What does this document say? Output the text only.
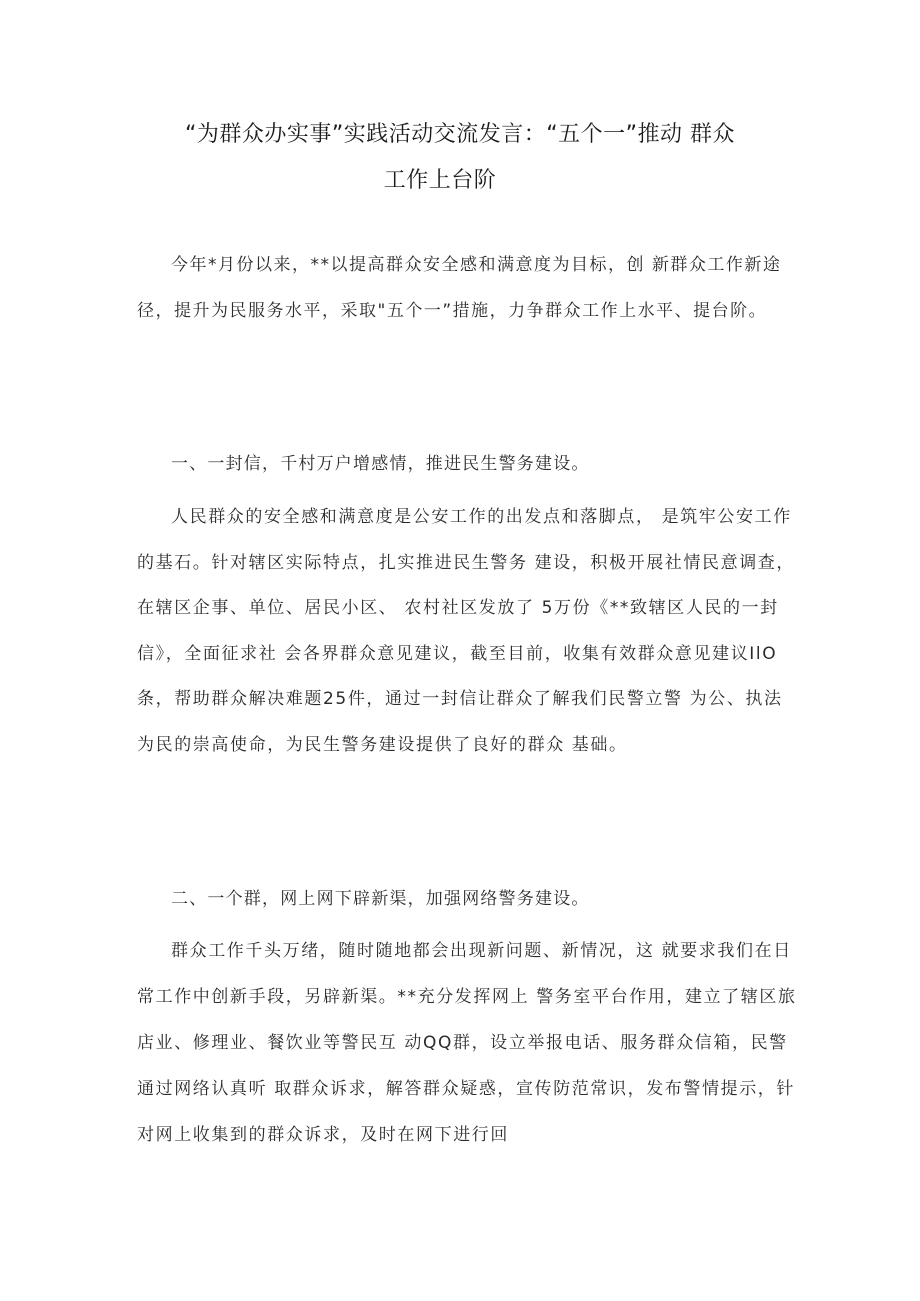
“为群众办实事”实践活动交流发言：“五个一”推动 群众
工作上台阶

今年*月份以来，**以提高群众安全感和满意度为目标，创 新群众工作新途径，提升为民服务水平，采取"五个一”措施，力争群众工作上水平、提台阶。

一、一封信，千村万户增感情，推进民生警务建设。

人民群众的安全感和满意度是公安工作的出发点和落脚点， 是筑牢公安工作的基石。针对辖区实际特点，扎实推进民生警务 建设，积极开展社情民意调查，在辖区企事、单位、居民小区、 农村社区发放了 5万份《**致辖区人民的一封信》，全面征求社 会各界群众意见建议，截至目前，收集有效群众意见建议IlO条，帮助群众解决难题25件，通过一封信让群众了解我们民警立警 为公、执法为民的崇高使命，为民生警务建设提供了良好的群众 基础。

二、一个群，网上网下辟新渠，加强网络警务建设。

群众工作千头万绪，随时随地都会出现新问题、新情况，这 就要求我们在日常工作中创新手段，另辟新渠。**充分发挥网上 警务室平台作用，建立了辖区旅店业、修理业、餐饮业等警民互 动QQ群，设立举报电话、服务群众信箱，民警通过网络认真听 取群众诉求，解答群众疑惑，宣传防范常识，发布警情提示，针 对网上收集到的群众诉求，及时在网下进行回
